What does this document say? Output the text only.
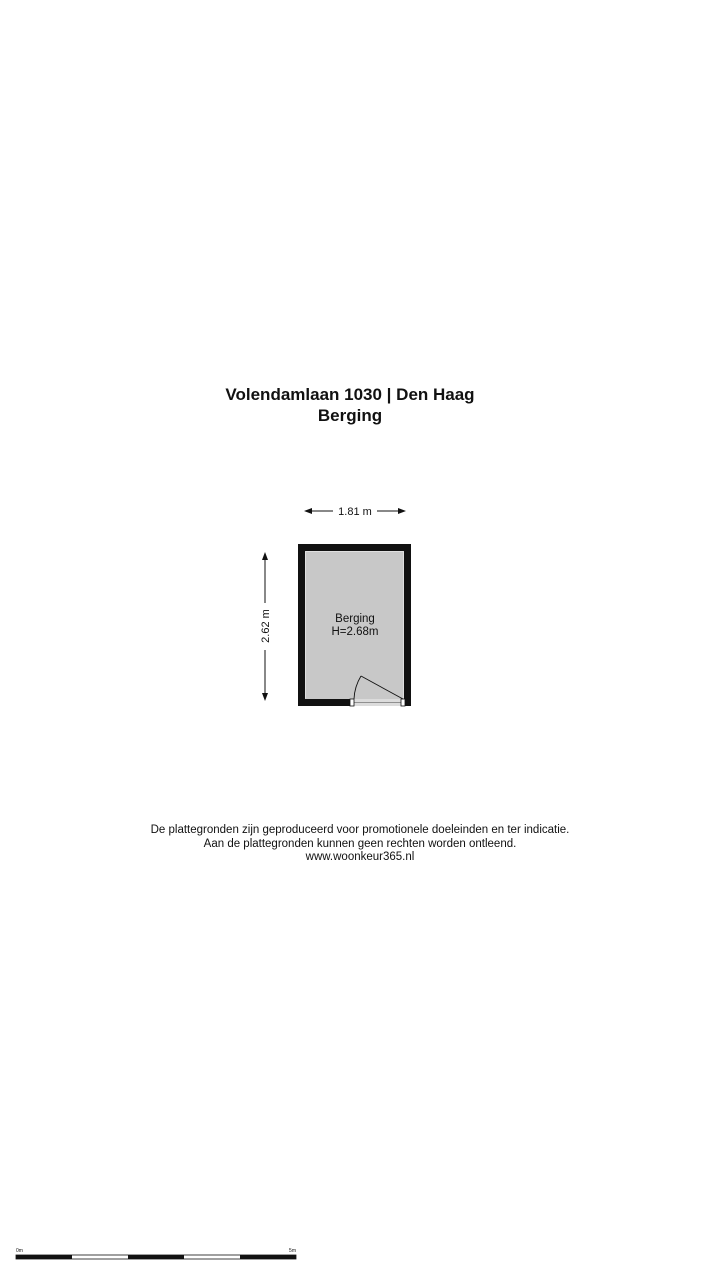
Volendamlaan 1030 | Den Haag
Berging
1.81 m
2.62 m	Berging
H=2.68m
0m	5m
De plattegronden zijn geproduceerd voor promotionele doeleinden en ter indicatie.
Aan de plattegronden kunnen geen rechten worden ontleend.
www.woonkeur365.nl
